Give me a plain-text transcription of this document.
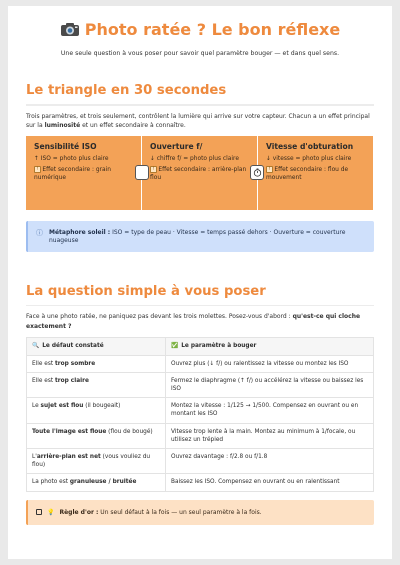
Photo ratée ? Le bon réflexe
Une seule question à vous poser pour savoir quel paramètre bouger — et dans quel sens.
Le triangle en 30 secondes

Trois paramètres, et trois seulement, contrôlent la lumière qui arrive sur votre capteur. Chacun a un effet principal sur la luminosité et un effet secondaire à connaître.

Sensibilité ISO
↑ ISO = photo plus claire
! Effet secondaire : grain numérique
Ouverture f/
↓ chiffre f/ = photo plus claire
! Effet secondaire : arrière-plan flou
Vitesse d'obturation
↓ vitesse = photo plus claire
! Effet secondaire : flou de mouvement
ⓘ Métaphore soleil : ISO = type de peau · Vitesse = temps passé dehors · Ouverture = couverture nuageuse
La question simple à vous poser

Face à une photo ratée, ne paniquez pas devant les trois molettes. Posez-vous d'abord : qu'est-ce qui cloche exactement ?

🔍 Le défaut constaté	✅ Le paramètre à bouger
Elle est trop sombre	Ouvrez plus (↓ f/) ou ralentissez la vitesse ou montez les ISO
Elle est trop claire	Fermez le diaphragme (↑ f/) ou accélérez la vitesse ou baissez les ISO
Le sujet est flou (il bougeait)	Montez la vitesse : 1/125 → 1/500. Compensez en ouvrant ou en montant les ISO
Toute l'image est floue (flou de bougé)	Vitesse trop lente à la main. Montez au minimum à 1/focale, ou utilisez un trépied
L'arrière-plan est net (vous vouliez du flou)	Ouvrez davantage : f/2.8 ou f/1.8
La photo est granuleuse / bruitée	Baissez les ISO. Compensez en ouvrant ou en ralentissant
💡 Règle d'or : Un seul défaut à la fois — un seul paramètre à la fois.
